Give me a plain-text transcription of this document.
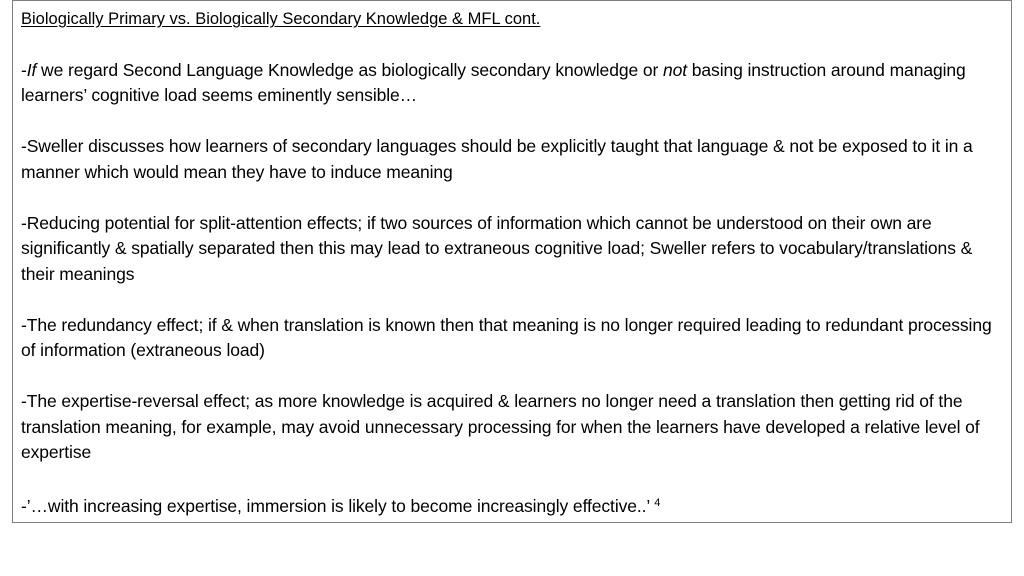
Biologically Primary vs. Biologically Secondary Knowledge & MFL cont.

-If we regard Second Language Knowledge as biologically secondary knowledge or not basing instruction around managing learners’ cognitive load seems eminently sensible…

-Sweller discusses how learners of secondary languages should be explicitly taught that language & not be exposed to it in a manner which would mean they have to induce meaning

-Reducing potential for split-attention effects; if two sources of information which cannot be understood on their own are significantly & spatially separated then this may lead to extraneous cognitive load; Sweller refers to vocabulary/translations & their meanings

-The redundancy effect; if & when translation is known then that meaning is no longer required leading to redundant processing of information (extraneous load)

-The expertise-reversal effect; as more knowledge is acquired & learners no longer need a translation then getting rid of the translation meaning, for example, may avoid unnecessary processing for when the learners have developed a relative level of expertise

-’…with increasing expertise, immersion is likely to become increasingly effective..’ $^4$
